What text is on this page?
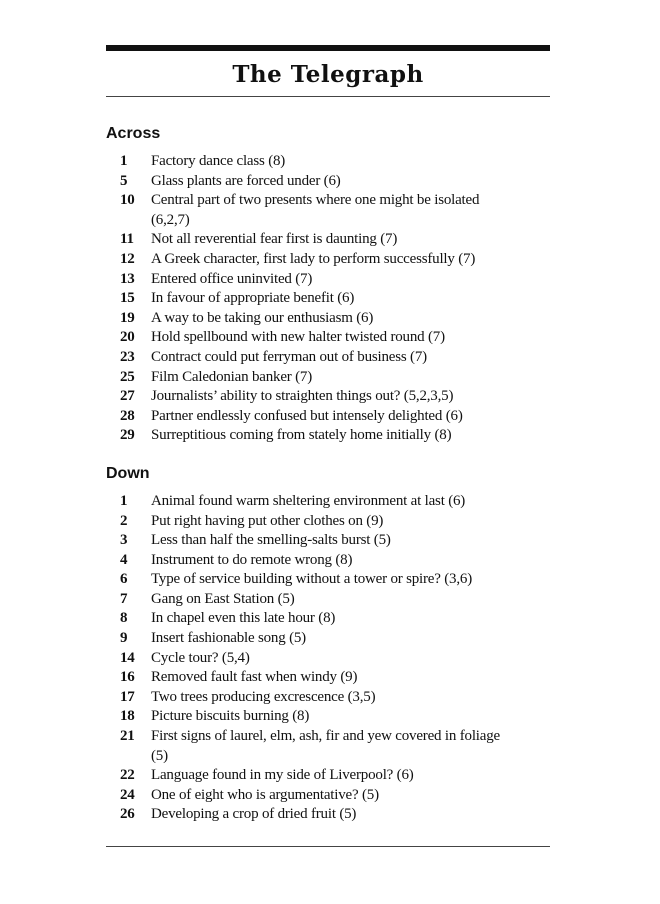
The Telegraph
Across
1	Factory dance class (8)
5	Glass plants are forced under (6)
10	Central part of two presents where one might be isolated (6,2,7)
11	Not all reverential fear first is daunting (7)
12	A Greek character, first lady to perform successfully (7)
13	Entered office uninvited (7)
15	In favour of appropriate benefit (6)
19	A way to be taking our enthusiasm (6)
20	Hold spellbound with new halter twisted round (7)
23	Contract could put ferryman out of business (7)
25	Film Caledonian banker (7)
27	Journalists’ ability to straighten things out? (5,2,3,5)
28	Partner endlessly confused but intensely delighted (6)
29	Surreptitious coming from stately home initially (8)
Down
1	Animal found warm sheltering environment at last (6)
2	Put right having put other clothes on (9)
3	Less than half the smelling-salts burst (5)
4	Instrument to do remote wrong (8)
6	Type of service building without a tower or spire? (3,6)
7	Gang on East Station (5)
8	In chapel even this late hour (8)
9	Insert fashionable song (5)
14	Cycle tour? (5,4)
16	Removed fault fast when windy (9)
17	Two trees producing excrescence (3,5)
18	Picture biscuits burning (8)
21	First signs of laurel, elm, ash, fir and yew covered in foliage (5)
22	Language found in my side of Liverpool? (6)
24	One of eight who is argumentative? (5)
26	Developing a crop of dried fruit (5)
